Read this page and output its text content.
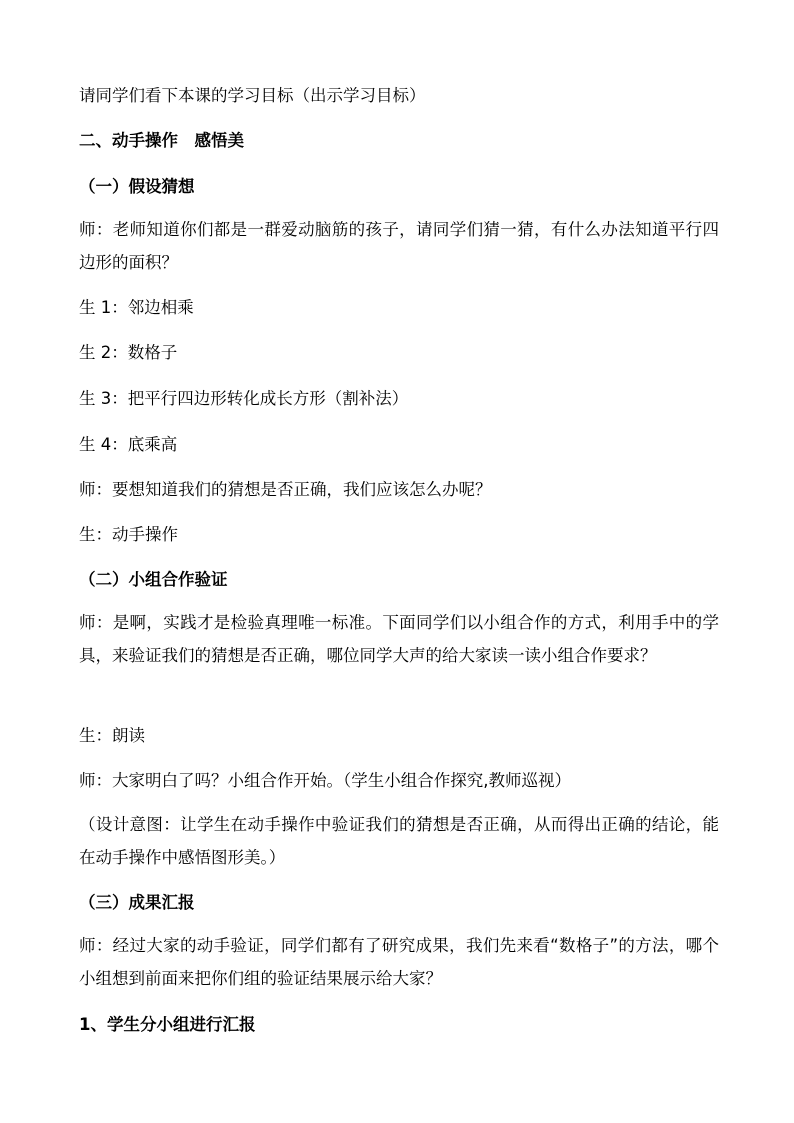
请同学们看下本课的学习目标（出示学习目标）
二、动手操作　感悟美
（一）假设猜想
师：老师知道你们都是一群爱动脑筋的孩子，请同学们猜一猜，有什么办法知道平行四边形的面积？
生 1：邻边相乘
生 2：数格子
生 3：把平行四边形转化成长方形（割补法）
生 4：底乘高
师：要想知道我们的猜想是否正确，我们应该怎么办呢？
生：动手操作
（二）小组合作验证
师：是啊，实践才是检验真理唯一标准。下面同学们以小组合作的方式，利用手中的学具，来验证我们的猜想是否正确，哪位同学大声的给大家读一读小组合作要求？
生：朗读
师：大家明白了吗？小组合作开始。（学生小组合作探究,教师巡视）
（设计意图：让学生在动手操作中验证我们的猜想是否正确，从而得出正确的结论，能在动手操作中感悟图形美。）
（三）成果汇报
师：经过大家的动手验证，同学们都有了研究成果，我们先来看“数格子”的方法，哪个小组想到前面来把你们组的验证结果展示给大家？
1、学生分小组进行汇报
